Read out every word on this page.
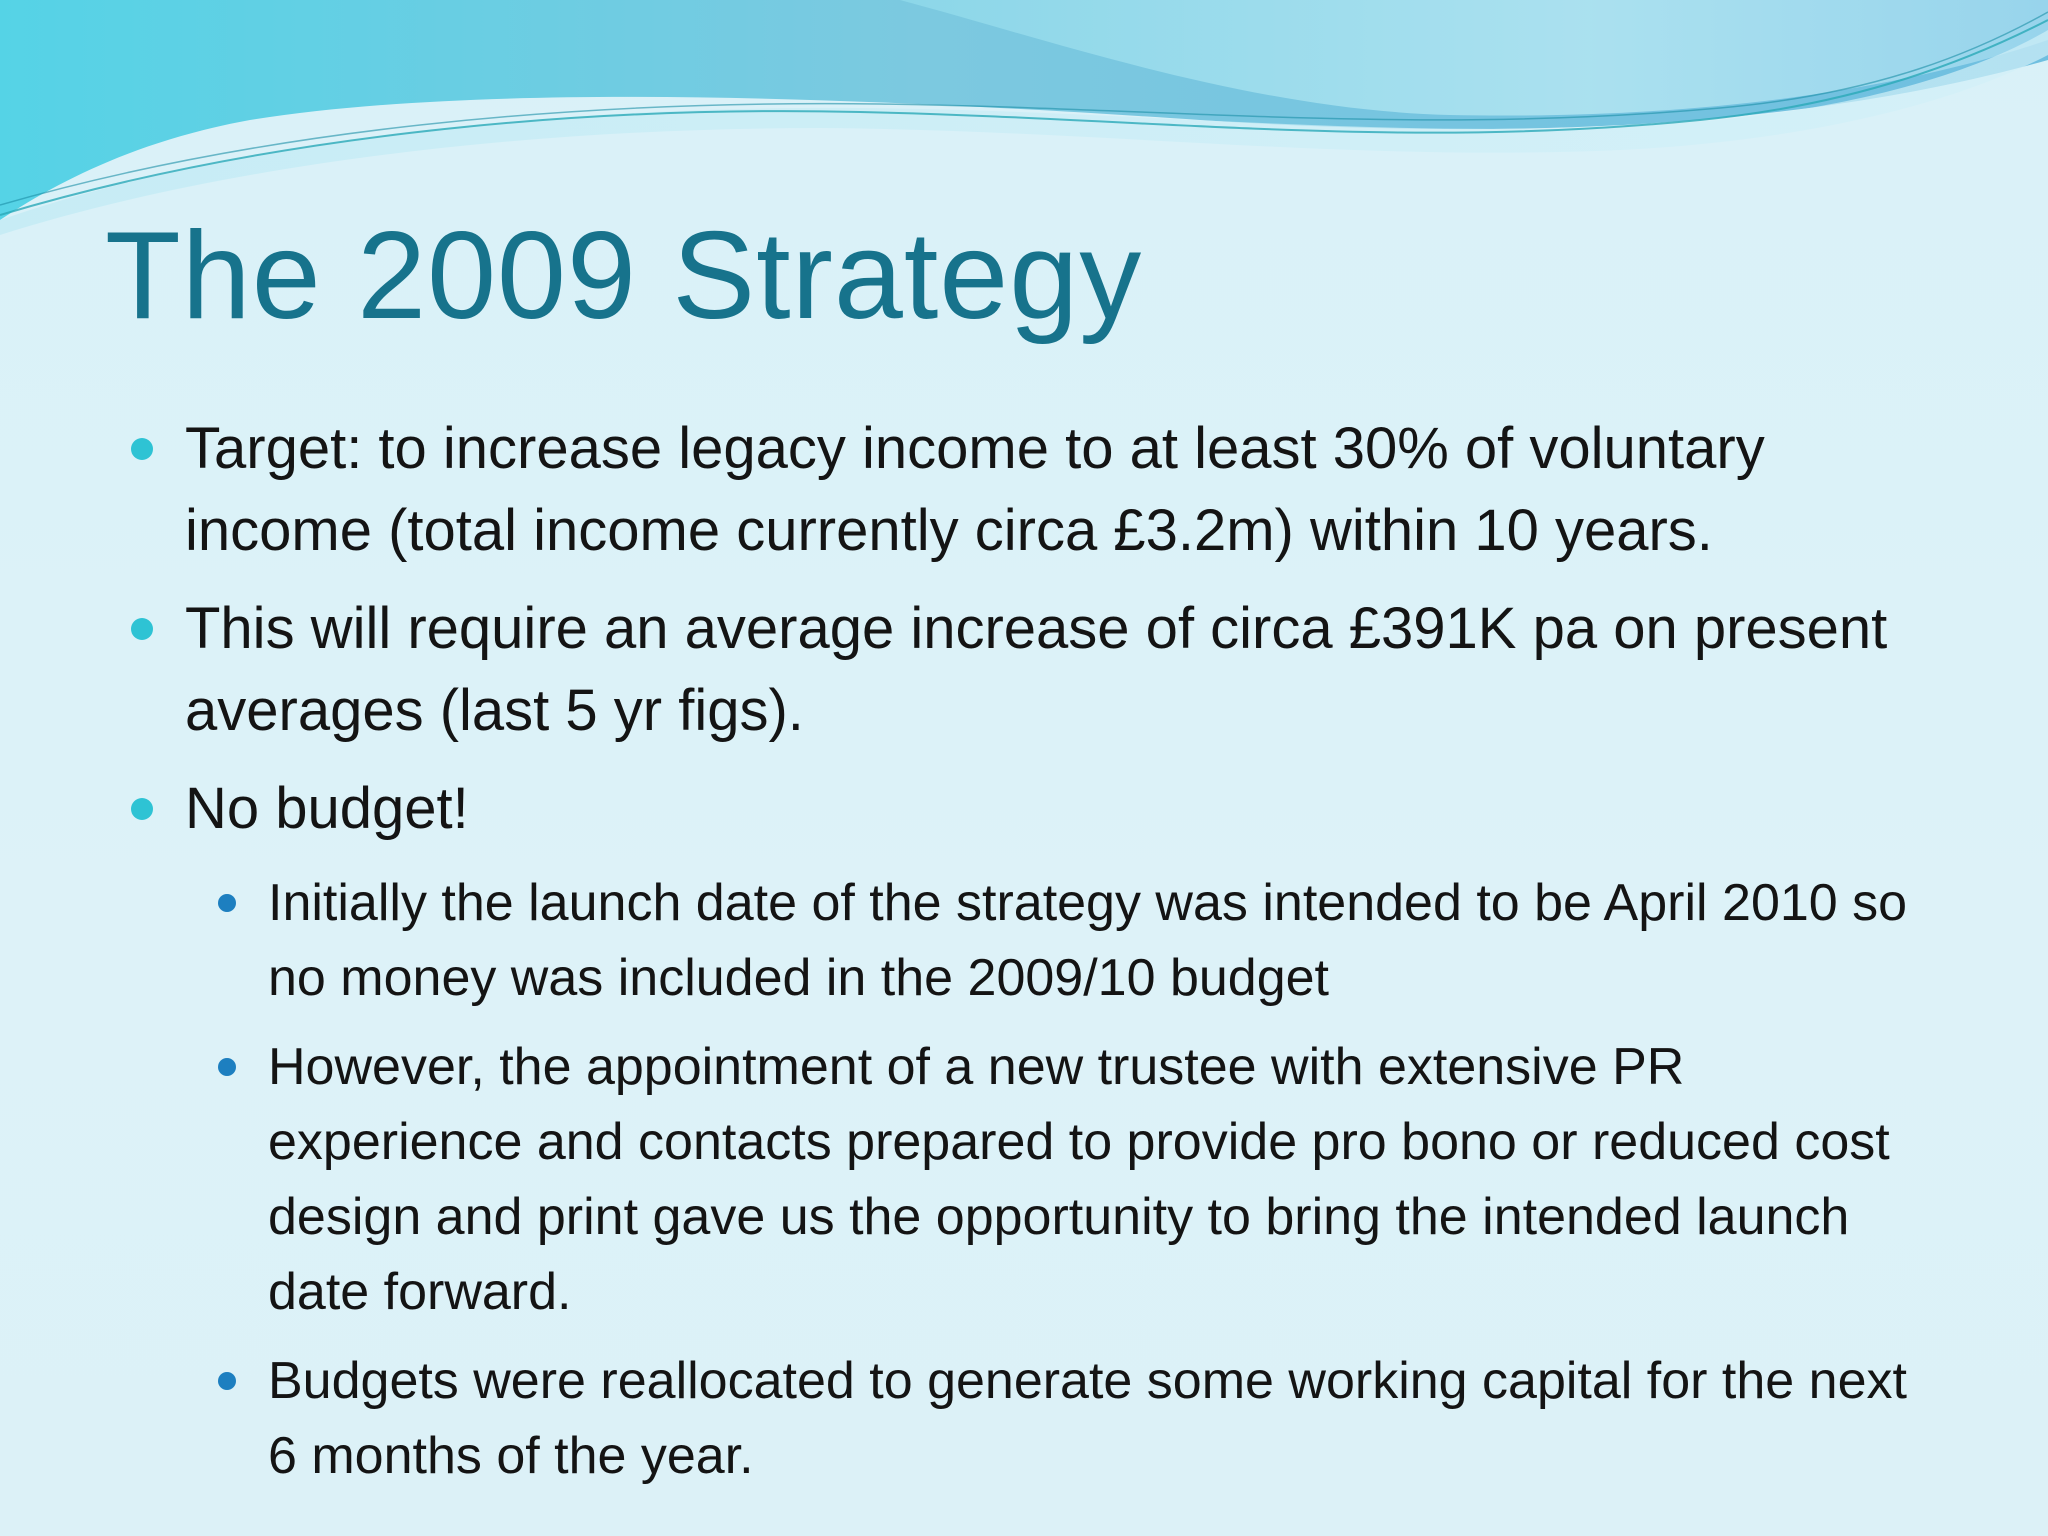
The 2009 Strategy
Target: to increase legacy income to at least 30% of voluntary income (total income currently circa £3.2m) within 10 years.
This will require an average increase of circa £391K pa on present averages (last 5 yr figs).
No budget!
Initially the launch date of the strategy was intended to be April 2010 so no money was included in the 2009/10 budget
However, the appointment of a new trustee with extensive PR experience and contacts prepared to provide pro bono or reduced cost design and print gave us the opportunity to bring the intended launch date forward.
Budgets were reallocated to generate some working capital for the next 6 months of the year.
